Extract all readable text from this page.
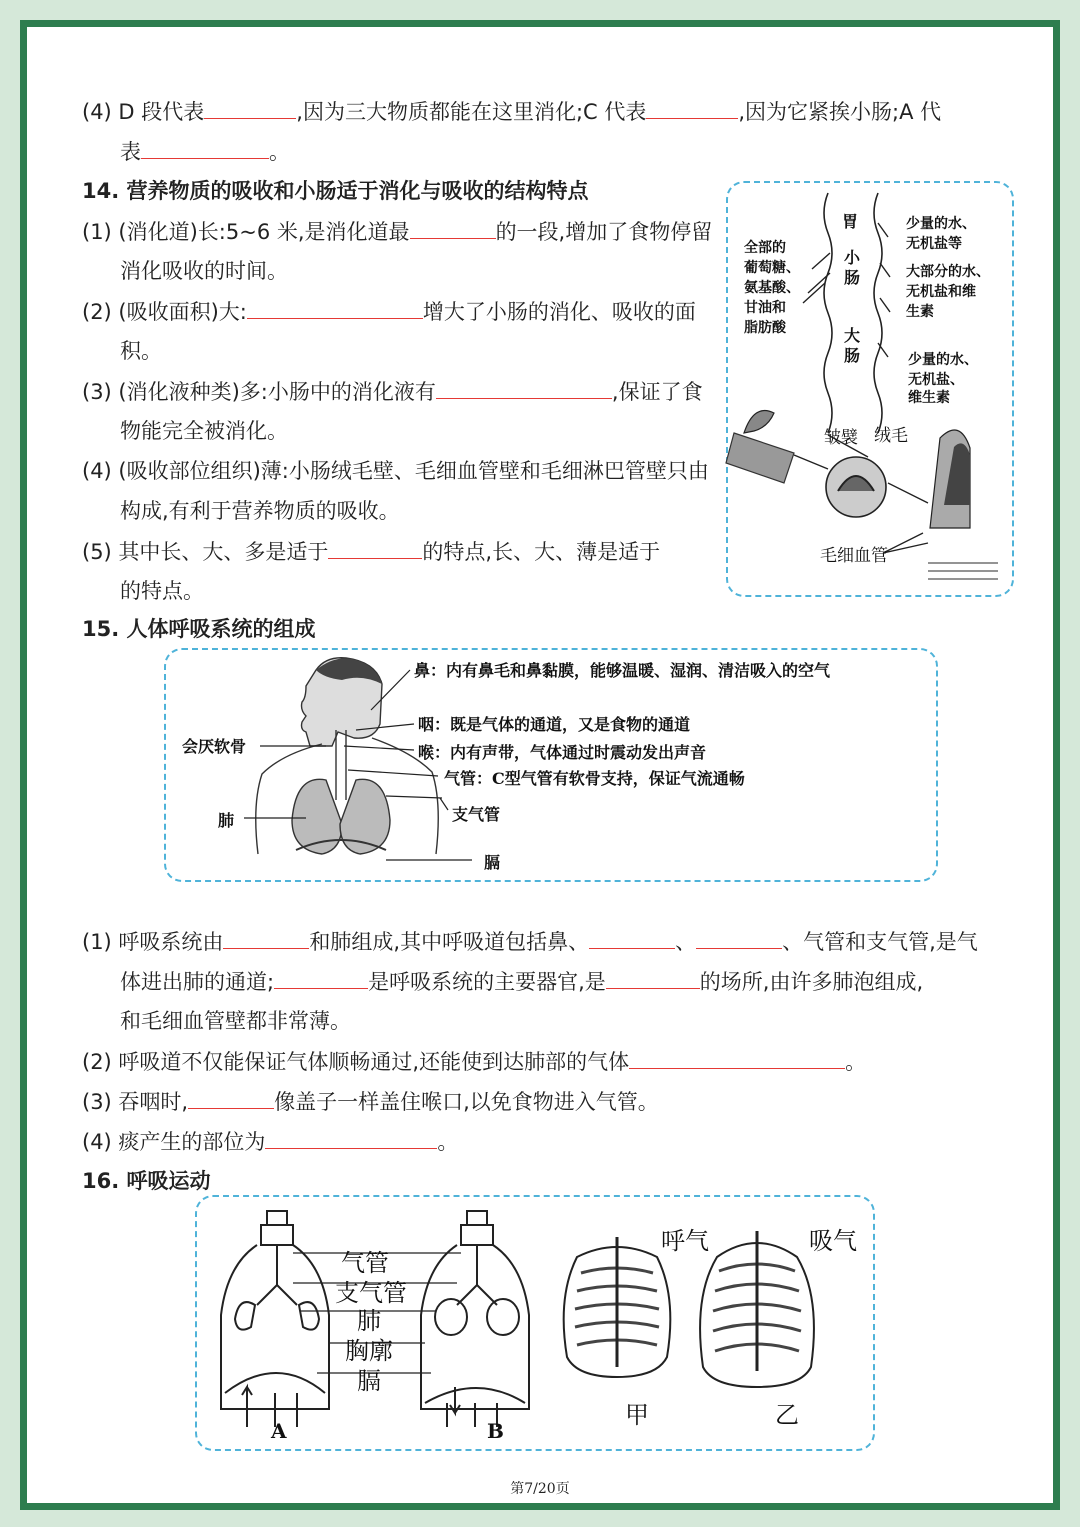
(4) D 段代表	,因为三大物质都能在这里消化;C 代表	,因为它紧挨小肠;A 代
表	。
14. 营养物质的吸收和小肠适于消化与吸收的结构特点
(1) (消化道)长:5~6 米,是消化道最	的一段,增加了食物停留
消化吸收的时间。
(2) (吸收面积)大:	增大了小肠的消化、吸收的面
积。
(3) (消化液种类)多:小肠中的消化液有	,保证了食
物能完全被消化。
(4) (吸收部位组织)薄:小肠绒毛壁、毛细血管壁和毛细淋巴管壁只由
构成,有利于营养物质的吸收。
(5) 其中长、大、多是适于	的特点,长、大、薄是适于
的特点。
胃
小
肠
大
肠
全部的
葡萄糖、
氨基酸、
甘油和
脂肪酸
少量的水、
无机盐等
大部分的水、
无机盐和维
生素
少量的水、
无机盐、
维生素
皱襞 绒毛
毛细血管
15. 人体呼吸系统的组成
鼻：内有鼻毛和鼻黏膜，能够温暖、湿润、清洁吸入的空气
咽：既是气体的通道，又是食物的通道
喉：内有声带，气体通过时震动发出声音
气管：C型气管有软骨支持，保证气流通畅
会厌软骨
支气管
肺
膈
(1) 呼吸系统由	和肺组成,其中呼吸道包括鼻、	、	、气管和支气管,是气
体进出肺的通道;	是呼吸系统的主要器官,是	的场所,由许多肺泡组成,
和毛细血管壁都非常薄。
(2) 呼吸道不仅能保证气体顺畅通过,还能使到达肺部的气体	。
(3) 吞咽时,	像盖子一样盖住喉口,以免食物进入气管。
(4) 痰产生的部位为	。
16. 呼吸运动
气管
支气管
肺
胸廓
膈
A	B
呼气	吸气
甲	乙
第7/20页
